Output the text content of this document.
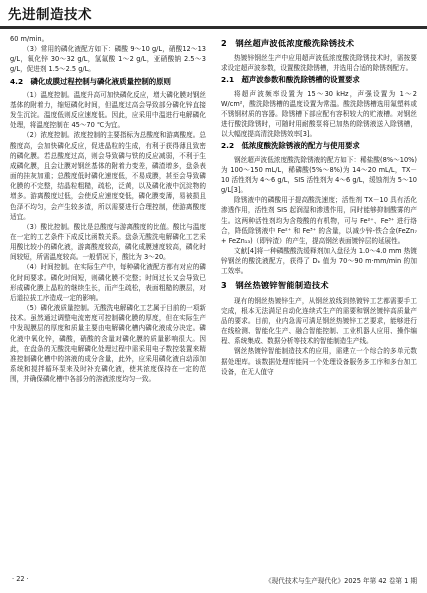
先进制造技术

60 m/min。

（3）常用的磷化液配方如下：磷酸 9～10 g/L，硝酸12～13 g/L，氧化锌 30～32 g/L，氢氟酸 1～2 g/L，亚硝酸钠 2.5～3 g/L，促进剂 1.5～2.5 g/L。

4.2　磷化成膜过程控制与磷化液质量控制的原则

（1）温度控制。温度升高可加快磷化反应，增大磷化膜对钢丝基体的附着力，缩短磷化时间，但温度过高会导致部分磷化锌直接发生沉淀。温度低则反应速度低。因此，应采用中温进行电解磷化处理，将温度控制在 45～70 ℃为宜。

（2）浓度控制。浓度控制的主要指标为总酸度和游离酸度。总酸度高，会加快磷化反应，促进晶粒的生成，有利于获得薄且致密的磷化膜。若总酸度过高，则会导致磷与铁的反应减弱，不利于生成磷化膜，且会让膜对钢丝基体的附着力变差，磷渣增多，盘条表面的挂灰加重；总酸度低时磷化速度低，不易成膜，甚至会导致磷化膜的不完整，结晶粒粗糙，疏松，泛黄，以及磷化液中沉淀物的增多。游离酸度过低，会使反应速度变低，磷化膜变薄，易被损且色泽不均匀，会产生较多渣，所以需要进行合理控制，使游离酸度适宜。

（3）酸比控制。酸比是总酸度与游离酸度的比值。酸比与温度在一定的工艺条件下成反比函数关系。盘条无酸洗电解磷化工艺采用酸比较小的磷化液，游离酸度较高，磷化成膜速度较高，磷化时间较短，所需温度较高。一般情况下，酸比为 3～20。

（4）时间控制。在实际生产中，每种磷化液配方都有对应的磷化时间要求。磷化时间短，则磷化膜不完整；时间过长又会导致已形成磷化膜上晶粒的继续生长，而产生疏松，表面粗糙的膜层，对后道拉拔工序造成一定的影响。

（5）磷化液质量控制。无酸洗电解磷化工艺属于目前的一项新技术。虽然通过调整电流密度可控制磷化膜的厚度，但在实际生产中发现膜层的厚度和质量主要由电解磷化槽内磷化液成分决定。磷化液中氧化锌，磷酸，硝酸的含量对磷化膜的质量影响很大。因此，在盘条的无酸洗电解磷化处理过程中需采用电子数控装置来精准控制磷化槽中的溶液的成分含量，此外，应采用磷化液自动添加系统和搅拌循环泵来及时补充磷化液，使其浓度保持在一定的范围，并确保磷化槽中各部分的溶液浓度均匀一致。

2　钢丝超声波低浓度酸洗除锈技术

热镀锌钢丝生产中应用超声波低浓度酸洗除锈技术时，需按要求设定超声波参数，设置酸洗除锈槽，并选用合适的除锈剂配方。

2.1　超声波参数和酸洗除锈槽的设置要求

将超声波频率设置为 15～30 kHz，声强设置为 1～2 W/cm²，酸洗除锈槽的温度设置为常温。酸洗除锈槽选用氟塑料或不锈钢材质的容器。除锈槽下部应配有容积较大的贮液槽。对钢丝进行酸洗除锈时，可随时用耐酸泵将已加热的除锈液送入除锈槽，以大幅度提高清洗除锈效率[3]。

2.2　低浓度酸洗除锈液的配方与使用要求

钢丝超声波低浓度酸洗除锈液的配方如下：稀盐酸(8%～10%)为 100～150 mL/L，稀磷酸(5%～8%)为 14～20 mL/L，TX－10 活性剂为 4～6 g/L，SIS 活性剂为 4～6 g/L，缓蚀剂为 5～10 g/L[3]。

除锈液中的磷酸用于提高酸洗速度；活性剂 TX－10 具有活化渗透作用，活性剂 SIS 起润湿和渗透作用，同时能够抑制酸雾的产生。这两种活性剂均为含羧酸的有机物，可与 Fe²⁺、Fe³⁺ 进行络合，降低除锈液中 Fe²⁺ 和 Fe³⁺ 的含量，以减少锌-铁合金(FeZn₇ + FeZn₁₃)（即锌渣）的产生，提高钢丝表面镀锌层的延展性。

文献[4]将一种磷酸酸洗缓释剂加入盘径为 1.0～4.0 mm 热镀锌钢丝的酸洗液配方，获得了 Dₖ 值为 70～90 m·mm/min 的加工效率。

3　钢丝热镀锌智能制造技术

现有的钢丝热镀锌生产，从钢丝放线到热镀锌工艺都需要手工完成，根本无法满足自动化连续式生产的需要和钢丝镀锌高质量产品的要求。目前，业内急需可满足钢丝热镀锌工艺要求，能够进行在线检测、智能化生产、融合智能控制、工业机器人应用、操作编程、系统集成、数据分析等技术的智能制造生产线。

钢丝热镀锌智能制造技术的应用，需建立一个综合的多单元数据处理库。该数据处理库能同一个处理设备服务多工序和多台加工设备，在无人值守

· 22 ·	《现代技术与生产现代化》2025 年第 42 卷第 1 期
